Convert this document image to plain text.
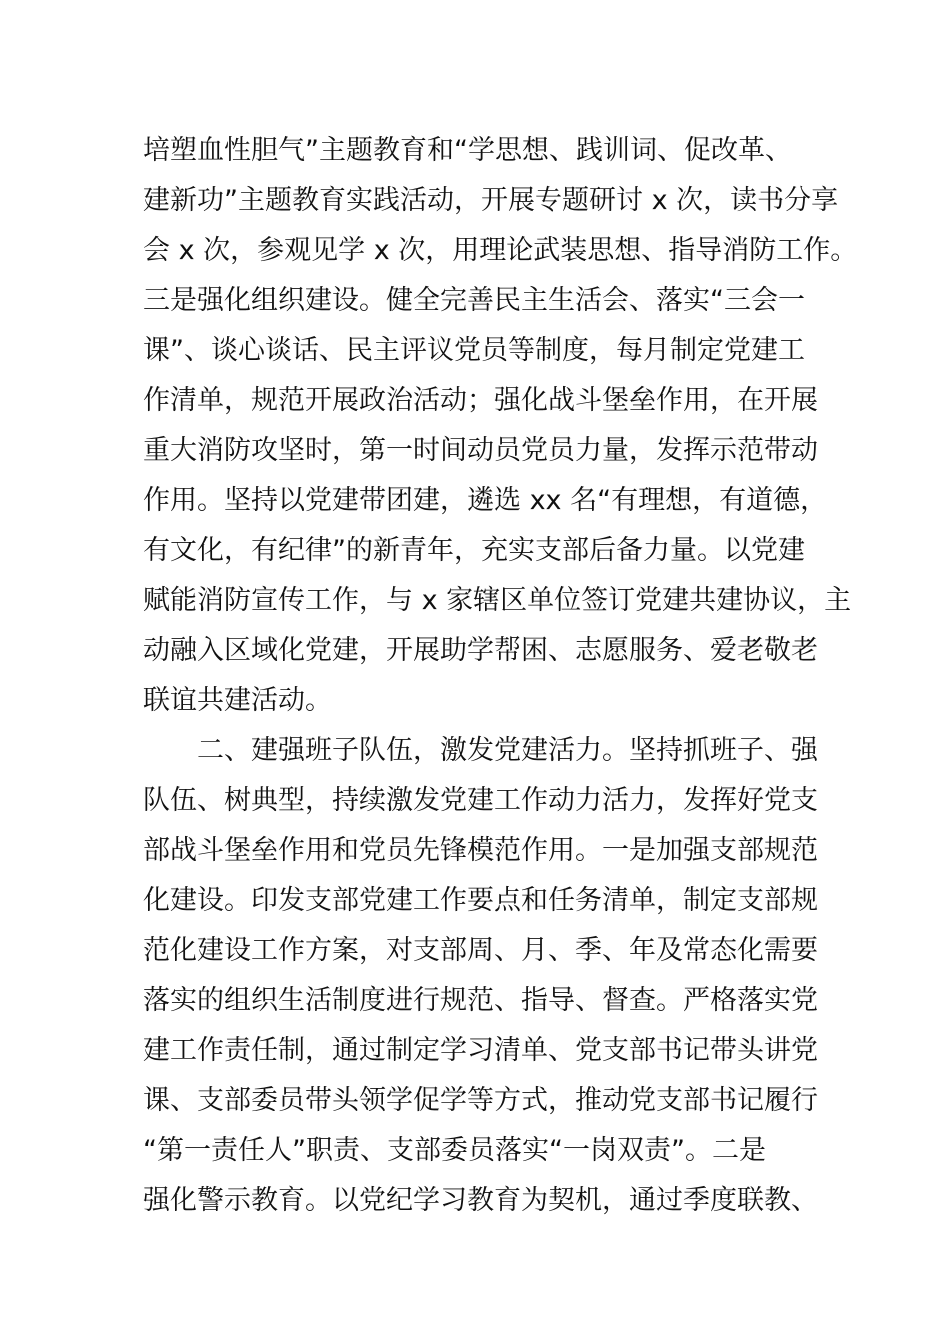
培塑血性胆气”主题教育和“学思想、践训词、促改革、
建新功”主题教育实践活动，开展专题研讨 x 次，读书分享
会 x 次，参观见学 x 次，用理论武装思想、指导消防工作。
三是强化组织建设。健全完善民主生活会、落实“三会一
课”、谈心谈话、民主评议党员等制度，每月制定党建工
作清单，规范开展政治活动；强化战斗堡垒作用，在开展
重大消防攻坚时，第一时间动员党员力量，发挥示范带动
作用。坚持以党建带团建，遴选 xx 名“有理想，有道德，
有文化，有纪律”的新青年，充实支部后备力量。以党建
赋能消防宣传工作，与 x 家辖区单位签订党建共建协议，主
动融入区域化党建，开展助学帮困、志愿服务、爱老敬老
联谊共建活动。
二、建强班子队伍，激发党建活力。坚持抓班子、强
队伍、树典型，持续激发党建工作动力活力，发挥好党支
部战斗堡垒作用和党员先锋模范作用。一是加强支部规范
化建设。印发支部党建工作要点和任务清单，制定支部规
范化建设工作方案，对支部周、月、季、年及常态化需要
落实的组织生活制度进行规范、指导、督查。严格落实党
建工作责任制，通过制定学习清单、党支部书记带头讲党
课、支部委员带头领学促学等方式，推动党支部书记履行
“第一责任人”职责、支部委员落实“一岗双责”。二是
强化警示教育。以党纪学习教育为契机，通过季度联教、
